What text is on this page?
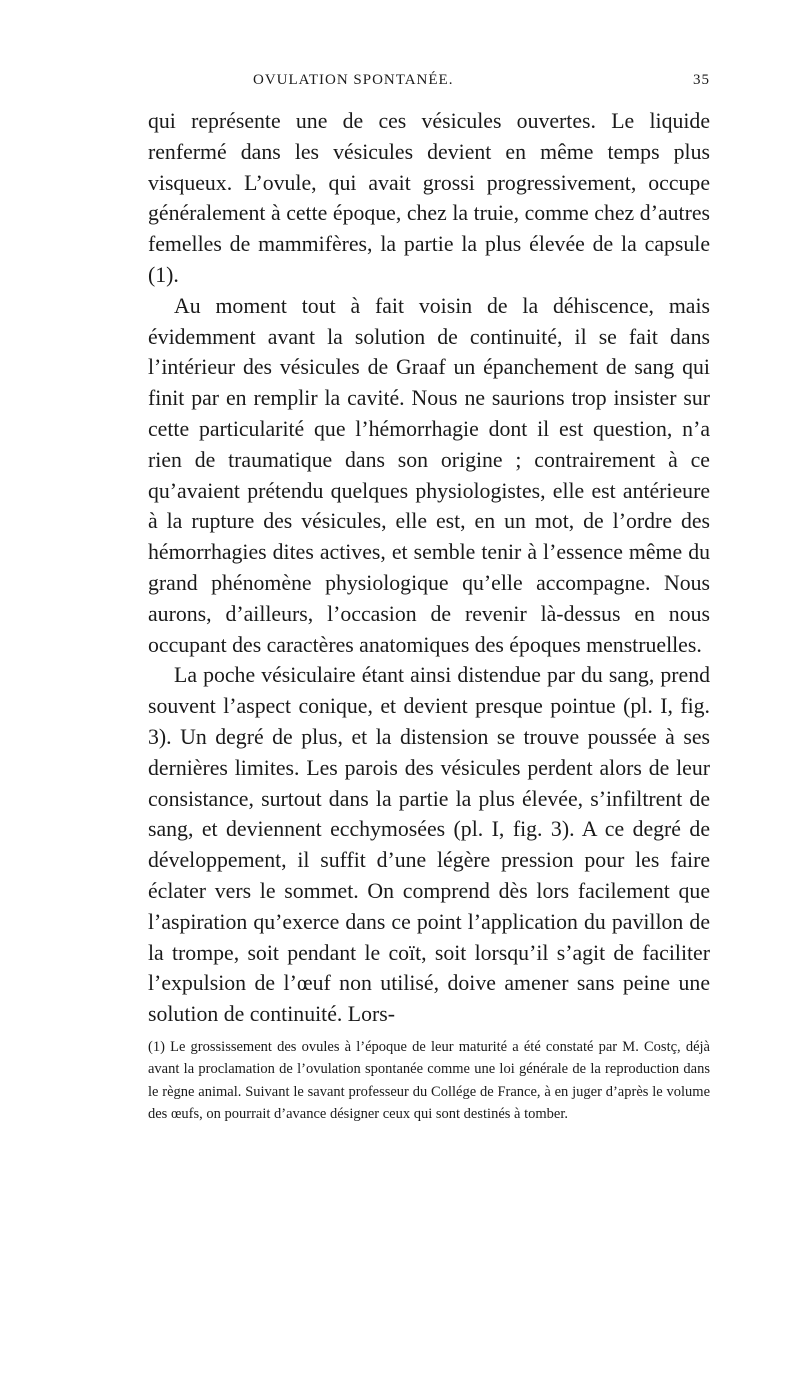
OVULATION SPONTANÉE.	35

qui représente une de ces vésicules ouvertes. Le liquide renfermé dans les vésicules devient en même temps plus visqueux. L’ovule, qui avait grossi progressivement, occupe généralement à cette époque, chez la truie, comme chez d’autres femelles de mammifères, la partie la plus élevée de la capsule (1).

Au moment tout à fait voisin de la déhiscence, mais évidemment avant la solution de continuité, il se fait dans l’intérieur des vésicules de Graaf un épanchement de sang qui finit par en remplir la cavité. Nous ne saurions trop insister sur cette particularité que l’hémorrhagie dont il est question, n’a rien de traumatique dans son origine ; contrairement à ce qu’avaient prétendu quelques physiologistes, elle est antérieure à la rupture des vésicules, elle est, en un mot, de l’ordre des hémorrhagies dites actives, et semble tenir à l’essence même du grand phénomène physiologique qu’elle accompagne. Nous aurons, d’ailleurs, l’occasion de revenir là-dessus en nous occupant des caractères anatomiques des époques menstruelles.

La poche vésiculaire étant ainsi distendue par du sang, prend souvent l’aspect conique, et devient presque pointue (pl. I, fig. 3). Un degré de plus, et la distension se trouve poussée à ses dernières limites. Les parois des vésicules perdent alors de leur consistance, surtout dans la partie la plus élevée, s’infiltrent de sang, et deviennent ecchymosées (pl. I, fig. 3). A ce degré de développement, il suffit d’une légère pression pour les faire éclater vers le sommet. On comprend dès lors facilement que l’aspiration qu’exerce dans ce point l’application du pavillon de la trompe, soit pendant le coït, soit lorsqu’il s’agit de faciliter l’expulsion de l’œuf non utilisé, doive amener sans peine une solution de continuité. Lors-

(1) Le grossissement des ovules à l’époque de leur maturité a été constaté par M. Costç, déjà avant la proclamation de l’ovulation spontanée comme une loi générale de la reproduction dans le règne animal. Suivant le savant professeur du Collége de France, à en juger d’après le volume des œufs, on pourrait d’avance désigner ceux qui sont destinés à tomber.
